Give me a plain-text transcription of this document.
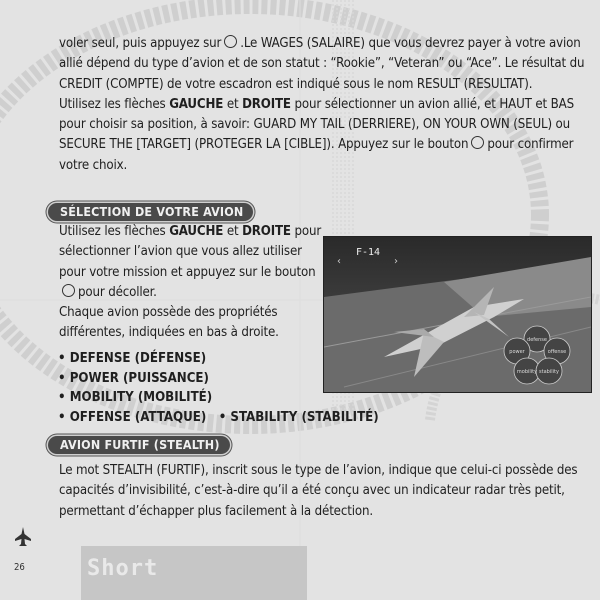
voler seul, puis appuyez sur .Le WAGES (SALAIRE) que vous devrez payer à votre avion allié dépend du type d’avion et de son statut : “Rookie”, “Veteran” ou “Ace”. Le résultat du CREDIT (COMPTE) de votre escadron est indiqué sous le nom RESULT (RESULTAT).

Utilisez les flèches GAUCHE et DROITE pour sélectionner un avion allié, et HAUT et BAS pour choisir sa position, à savoir: GUARD MY TAIL (DERRIERE), ON YOUR OWN (SEUL) ou SECURE THE [TARGET] (PROTEGER LA [CIBLE]). Appuyez sur le bouton pour confirmer votre choix.

SÉLECTION DE VOTRE AVION

Utilisez les flèches GAUCHE et DROITE pour sélectionner l’avion que vous allez utiliser pour votre mission et appuyez sur le boutonpour décoller.

Chaque avion possède des propriétés différentes, indiquées en bas à droite.

• DEFENSE (DÉFENSE)
• POWER (PUISSANCE)
• MOBILITY (MOBILITÉ)
• OFFENSE (ATTAQUE) • STABILITY (STABILITÉ)
‹
F-14
›
defense
power	offense
mobility stability
AVION FURTIF (STEALTH)
Le mot STEALTH (FURTIF), inscrit sous le type de l’avion, indique que celui-ci possède des capacités d’invisibilité, c’est-à-dire qu’il a été conçu avec un indicateur radar très petit, permettant d’échapper plus facilement à la détection.
26	Short
